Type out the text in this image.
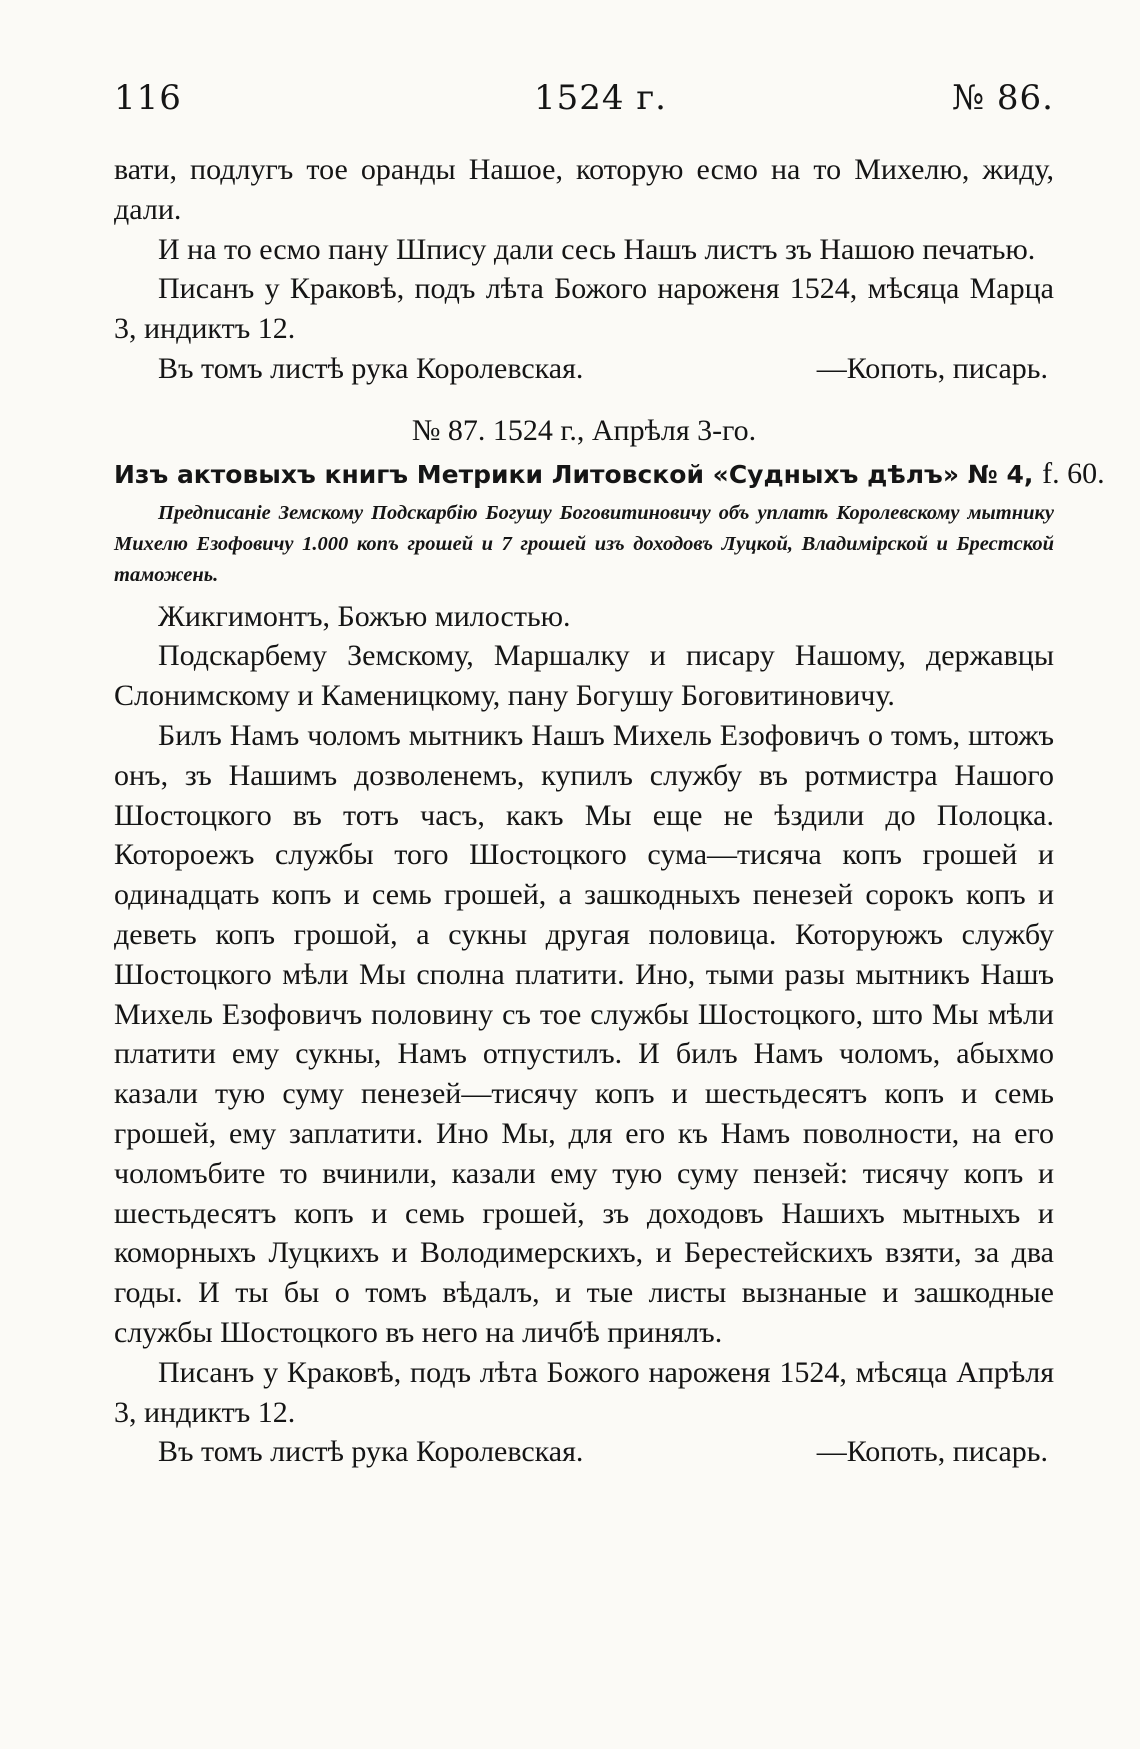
116	1524 г.	№ 86.

вати, подлугъ тое оранды Нашое, которую есмо на то Михелю, жиду, дали.

И на то есмо пану Шпису дали сесь Нашъ листъ зъ Нашою печатью.

Писанъ у Краковѣ, подъ лѣта Божого нароженя 1524, мѣсяца Марца 3, индиктъ 12.

Въ томъ листѣ рука Королевская.	—Копоть, писарь.

№ 87. 1524 г., Апрѣля 3-го.

Изъ актовыхъ книгъ Метрики Литовской «Судныхъ дѣлъ» № 4, f. 60.

Предписаніе Земскому Подскарбію Богушу Боговитиновичу объ уплатѣ Королевскому мытнику Михелю Езофовичу 1.000 копъ грошей и 7 грошей изъ доходовъ Луцкой, Владимірской и Брестской таможень.

Жикгимонтъ, Божъю милостью.

Подскарбему Земскому, Маршалку и писару Нашому, державцы Слонимскому и Каменицкому, пану Богушу Боговитиновичу.

Билъ Намъ чоломъ мытникъ Нашъ Михель Езофовичъ о томъ, штожъ онъ, зъ Нашимъ дозволенемъ, купилъ службу въ ротмистра Нашого Шостоцкого въ тотъ часъ, какъ Мы еще не ѣздили до Полоцка. Котороежъ службы того Шостоцкого сума—тисяча копъ грошей и одинадцать копъ и семь грошей, а зашкодныхъ пенезей сорокъ копъ и деветь копъ грошой, а сукны другая половица. Которуюжъ службу Шостоцкого мѣли Мы сполна платити. Ино, тыми разы мытникъ Нашъ Михель Езофовичъ половину съ тое службы Шостоцкого, што Мы мѣли платити ему сукны, Намъ отпустилъ. И билъ Намъ чоломъ, абыхмо казали тую суму пенезей—тисячу копъ и шестьдесятъ копъ и семь грошей, ему заплатити. Ино Мы, для его къ Намъ поволности, на его чоломъбите то вчинили, казали ему тую суму пензей: тисячу копъ и шестьдесятъ копъ и семь грошей, зъ доходовъ Нашихъ мытныхъ и коморныхъ Луцкихъ и Володимерскихъ, и Берестейскихъ взяти, за два годы. И ты бы о томъ вѣдалъ, и тые листы вызнаные и зашкодные службы Шостоцкого въ него на личбѣ принялъ.

Писанъ у Краковѣ, подъ лѣта Божого нароженя 1524, мѣсяца Апрѣля 3, индиктъ 12.

Въ томъ листѣ рука Королевская.	—Копоть, писарь.
